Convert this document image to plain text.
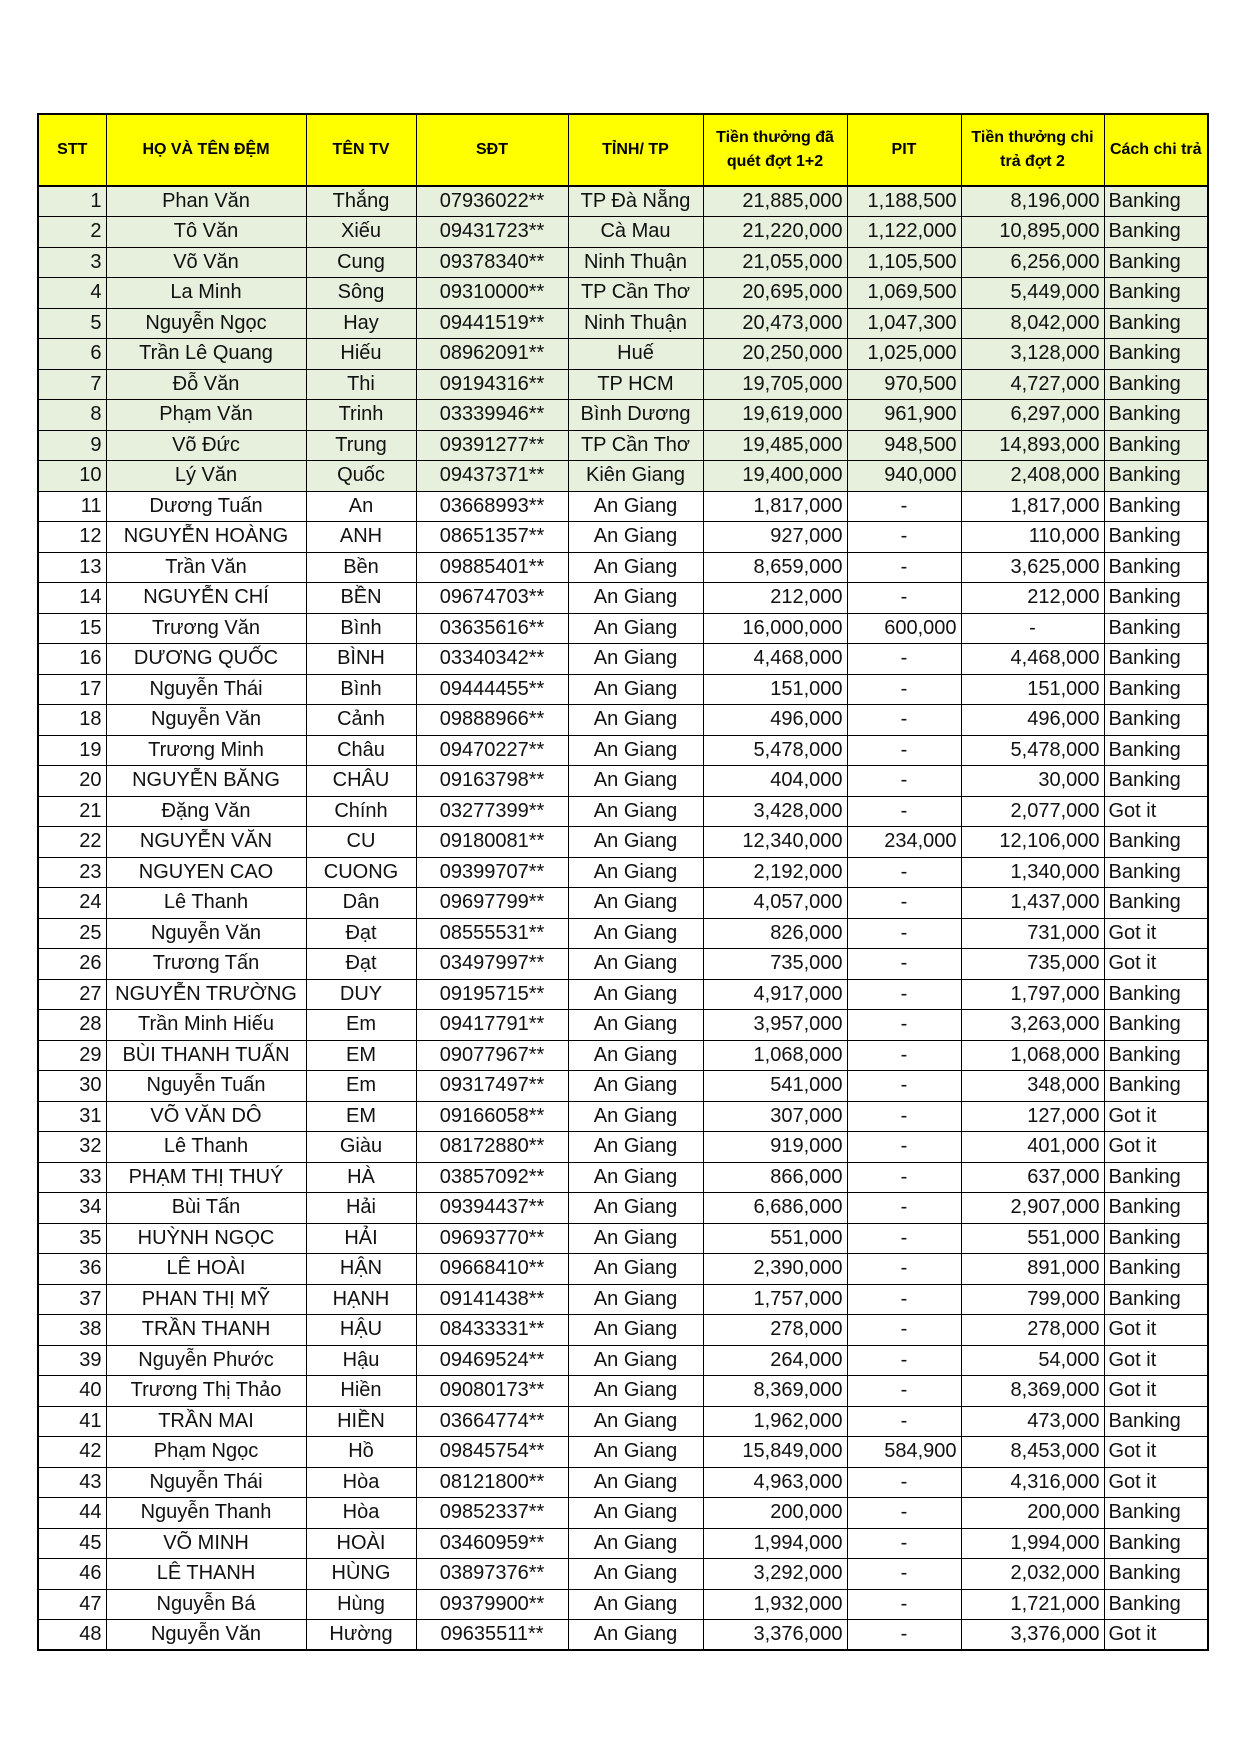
STT	HỌ VÀ TÊN ĐỆM	TÊN TV	SĐT	TỈNH/ TP	Tiền thưởng đã quét đợt 1+2	PIT	Tiền thưởng chi trả đợt 2	Cách chi trả
1	Phan Văn	Thắng	07936022**	TP Đà Nẵng	21,885,000	1,188,500	8,196,000	Banking
2	Tô Văn	Xiếu	09431723**	Cà Mau	21,220,000	1,122,000	10,895,000	Banking
3	Võ Văn	Cung	09378340**	Ninh Thuận	21,055,000	1,105,500	6,256,000	Banking
4	La Minh	Sông	09310000**	TP Cần Thơ	20,695,000	1,069,500	5,449,000	Banking
5	Nguyễn Ngọc	Hay	09441519**	Ninh Thuận	20,473,000	1,047,300	8,042,000	Banking
6	Trần Lê Quang	Hiếu	08962091**	Huế	20,250,000	1,025,000	3,128,000	Banking
7	Đỗ Văn	Thi	09194316**	TP HCM	19,705,000	970,500	4,727,000	Banking
8	Phạm Văn	Trinh	03339946**	Bình Dương	19,619,000	961,900	6,297,000	Banking
9	Võ Đức	Trung	09391277**	TP Cần Thơ	19,485,000	948,500	14,893,000	Banking
10	Lý Văn	Quốc	09437371**	Kiên Giang	19,400,000	940,000	2,408,000	Banking
11	Dương Tuấn	An	03668993**	An Giang	1,817,000	-	1,817,000	Banking
12	NGUYỄN HOÀNG	ANH	08651357**	An Giang	927,000	-	110,000	Banking
13	Trần Văn	Bền	09885401**	An Giang	8,659,000	-	3,625,000	Banking
14	NGUYỄN CHÍ	BỀN	09674703**	An Giang	212,000	-	212,000	Banking
15	Trương Văn	Bình	03635616**	An Giang	16,000,000	600,000	-	Banking
16	DƯƠNG QUỐC	BÌNH	03340342**	An Giang	4,468,000	-	4,468,000	Banking
17	Nguyễn Thái	Bình	09444455**	An Giang	151,000	-	151,000	Banking
18	Nguyễn Văn	Cảnh	09888966**	An Giang	496,000	-	496,000	Banking
19	Trương Minh	Châu	09470227**	An Giang	5,478,000	-	5,478,000	Banking
20	NGUYỄN BĂNG	CHÂU	09163798**	An Giang	404,000	-	30,000	Banking
21	Đặng Văn	Chính	03277399**	An Giang	3,428,000	-	2,077,000	Got it
22	NGUYỄN VĂN	CU	09180081**	An Giang	12,340,000	234,000	12,106,000	Banking
23	NGUYEN CAO	CUONG	09399707**	An Giang	2,192,000	-	1,340,000	Banking
24	Lê Thanh	Dân	09697799**	An Giang	4,057,000	-	1,437,000	Banking
25	Nguyễn Văn	Đạt	08555531**	An Giang	826,000	-	731,000	Got it
26	Trương Tấn	Đạt	03497997**	An Giang	735,000	-	735,000	Got it
27	NGUYỄN TRƯỜNG	DUY	09195715**	An Giang	4,917,000	-	1,797,000	Banking
28	Trần Minh Hiếu	Em	09417791**	An Giang	3,957,000	-	3,263,000	Banking
29	BÙI THANH TUẤN	EM	09077967**	An Giang	1,068,000	-	1,068,000	Banking
30	Nguyễn Tuấn	Em	09317497**	An Giang	541,000	-	348,000	Banking
31	VÕ VĂN DÔ	EM	09166058**	An Giang	307,000	-	127,000	Got it
32	Lê Thanh	Giàu	08172880**	An Giang	919,000	-	401,000	Got it
33	PHẠM THỊ THUÝ	HÀ	03857092**	An Giang	866,000	-	637,000	Banking
34	Bùi Tấn	Hải	09394437**	An Giang	6,686,000	-	2,907,000	Banking
35	HUỲNH NGỌC	HẢI	09693770**	An Giang	551,000	-	551,000	Banking
36	LÊ HOÀI	HẬN	09668410**	An Giang	2,390,000	-	891,000	Banking
37	PHAN THỊ MỸ	HẠNH	09141438**	An Giang	1,757,000	-	799,000	Banking
38	TRẦN THANH	HẬU	08433331**	An Giang	278,000	-	278,000	Got it
39	Nguyễn Phước	Hậu	09469524**	An Giang	264,000	-	54,000	Got it
40	Trương Thị Thảo	Hiền	09080173**	An Giang	8,369,000	-	8,369,000	Got it
41	TRẦN MAI	HIỀN	03664774**	An Giang	1,962,000	-	473,000	Banking
42	Phạm Ngọc	Hồ	09845754**	An Giang	15,849,000	584,900	8,453,000	Got it
43	Nguyễn Thái	Hòa	08121800**	An Giang	4,963,000	-	4,316,000	Got it
44	Nguyễn Thanh	Hòa	09852337**	An Giang	200,000	-	200,000	Banking
45	VÕ MINH	HOÀI	03460959**	An Giang	1,994,000	-	1,994,000	Banking
46	LÊ THANH	HÙNG	03897376**	An Giang	3,292,000	-	2,032,000	Banking
47	Nguyễn Bá	Hùng	09379900**	An Giang	1,932,000	-	1,721,000	Banking
48	Nguyễn Văn	Hường	09635511**	An Giang	3,376,000	-	3,376,000	Got it
